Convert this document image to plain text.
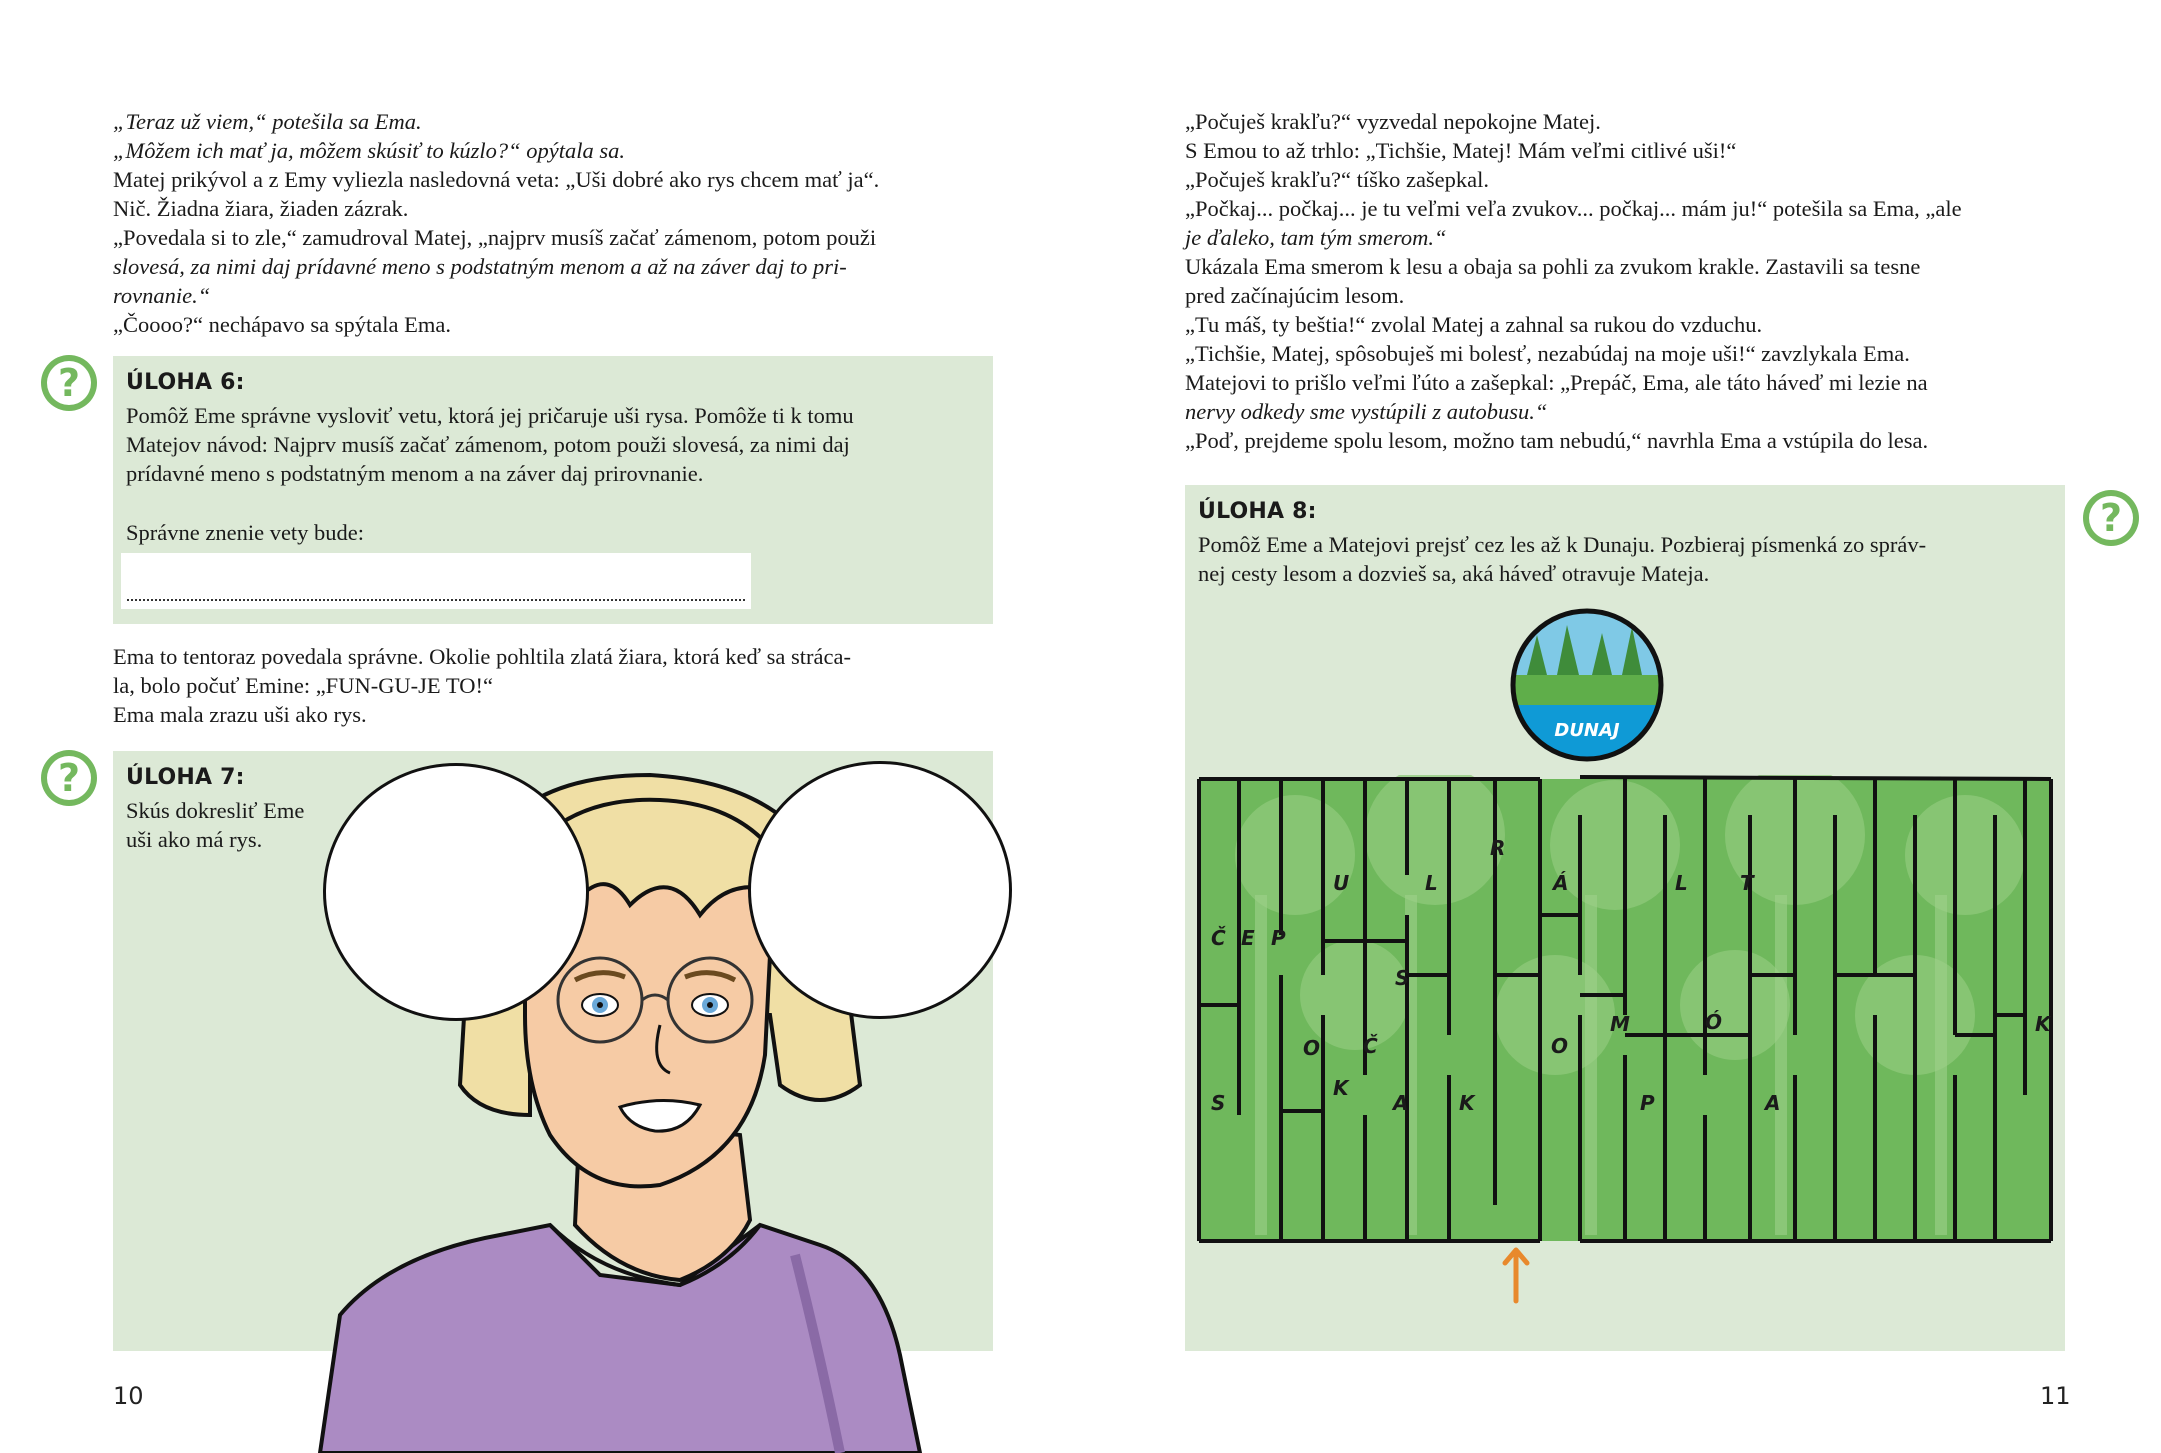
„Teraz už viem,“ potešila sa Ema.
„Môžem ich mať ja, môžem skúsiť to kúzlo?“ opýtala sa.
Matej prikývol a z Emy vyliezla nasledovná veta: „Uši dobré ako rys chcem mať ja“.
Nič. Žiadna žiara, žiaden zázrak.
„Povedala si to zle,“ zamudroval Matej, „najprv musíš začať zámenom, potom použi
slovesá, za nimi daj prídavné meno s podstatným menom a až na záver daj to pri-
rovnanie.“
„Čoooo?“ nechápavo sa spýtala Ema.
?	ÚLOHA 6:
Pomôž Eme správne vysloviť vetu, ktorá jej pričaruje uši rysa. Pomôže ti k tomu
Matejov návod: Najprv musíš začať zámenom, potom použi slovesá, za nimi daj
prídavné meno s podstatným menom a na záver daj prirovnanie.
Správne znenie vety bude:
Ema to tentoraz povedala správne. Okolie pohltila zlatá žiara, ktorá keď sa stráca-
la, bolo počuť Emine: „FUN-GU-JE TO!“
Ema mala zrazu uši ako rys.
?	ÚLOHA 7:
Skús dokresliť Eme
uši ako má rys.
10
„Počuješ krakľu?“ vyzvedal nepokojne Matej.
S Emou to až trhlo: „Tichšie, Matej! Mám veľmi citlivé uši!“
„Počuješ krakľu?“ tíško zašepkal.
„Počkaj... počkaj... je tu veľmi veľa zvukov... počkaj... mám ju!“ potešila sa Ema, „ale
je ďaleko, tam tým smerom.“
Ukázala Ema smerom k lesu a obaja sa pohli za zvukom krakle. Zastavili sa tesne
pred začínajúcim lesom.
„Tu máš, ty beštia!“ zvolal Matej a zahnal sa rukou do vzduchu.
„Tichšie, Matej, spôsobuješ mi bolesť, nezabúdaj na moje uši!“ zavzlykala Ema.
Matejovi to prišlo veľmi ľúto a zašepkal: „Prepáč, Ema, ale táto háveď mi lezie na
nervy odkedy sme vystúpili z autobusu.“
„Poď, prejdeme spolu lesom, možno tam nebudú,“ navrhla Ema a vstúpila do lesa.
?
ÚLOHA 8:
Pomôž Eme a Matejovi prejsť cez les až k Dunaju. Pozbieraj písmenká zo správ-
nej cesty lesom a dozvieš sa, aká háveď otravuje Mateja.
DUNAJ
Č E P
U	L
R
Á	L	T
S
O Č	O
M	Ó	K
S
K
A	K	P	A
11
